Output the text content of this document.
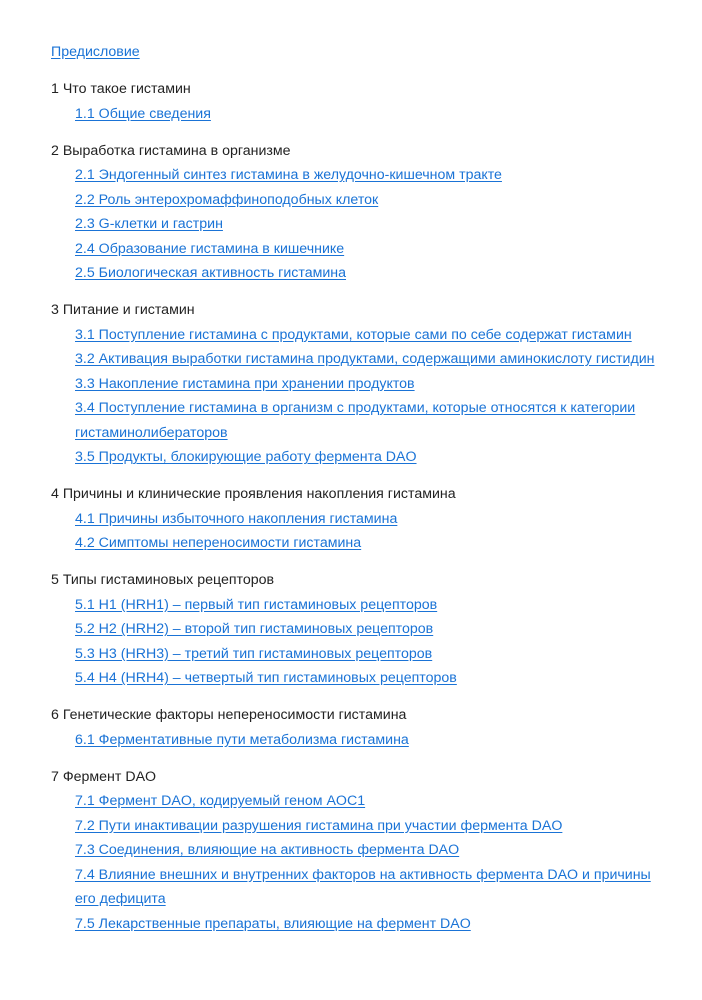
Предисловие
1 Что такое гистамин
1.1 Общие сведения
2 Выработка гистамина в организме
2.1 Эндогенный синтез гистамина в желудочно-кишечном тракте
2.2 Роль энтерохромаффиноподобных клеток
2.3 G-клетки и гастрин
2.4 Образование гистамина в кишечнике
2.5 Биологическая активность гистамина
3 Питание и гистамин
3.1 Поступление гистамина с продуктами, которые сами по себе содержат гистамин
3.2 Активация выработки гистамина продуктами, содержащими аминокислоту гистидин
3.3 Накопление гистамина при хранении продуктов
3.4 Поступление гистамина в организм с продуктами, которые относятся к категории гистаминолибераторов
3.5 Продукты, блокирующие работу фермента DAO
4 Причины и клинические проявления накопления гистамина
4.1 Причины избыточного накопления гистамина
4.2 Симптомы непереносимости гистамина
5 Типы гистаминовых рецепторов
5.1 H1 (HRH1) – первый тип гистаминовых рецепторов
5.2 H2 (HRH2) – второй тип гистаминовых рецепторов
5.3 H3 (HRH3) – третий тип гистаминовых рецепторов
5.4 H4 (HRH4) – четвертый тип гистаминовых рецепторов
6 Генетические факторы непереносимости гистамина
6.1 Ферментативные пути метаболизма гистамина
7 Фермент DAO
7.1 Фермент DAO, кодируемый геном AOC1
7.2 Пути инактивации разрушения гистамина при участии фермента DAO
7.3 Соединения, влияющие на активность фермента DAO
7.4 Влияние внешних и внутренних факторов на активность фермента DAO и причины его дефицита
7.5 Лекарственные препараты, влияющие на фермент DAO
